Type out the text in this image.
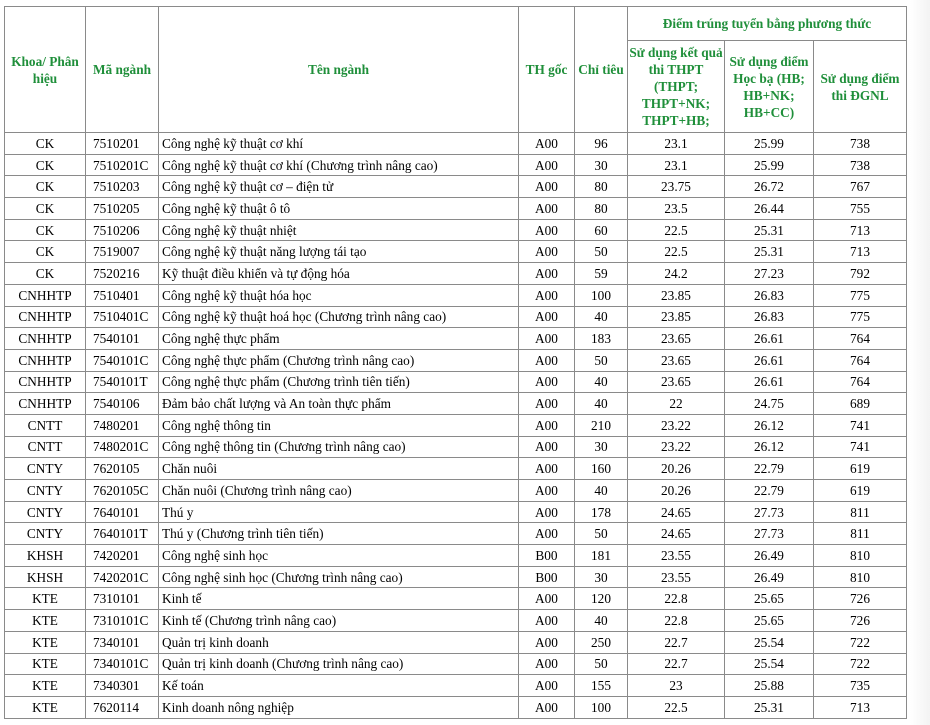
Khoa/ Phân hiệu	Mã ngành	Tên ngành	TH gốc	Chỉ tiêu	Điểm trúng tuyển bằng phương thức		
					Sử dụng kết quả thi THPT (THPT; THPT+NK; THPT+HB;	Sử dụng điểm Học bạ (HB; HB+NK; HB+CC)	Sử dụng điểm thi ĐGNL
CK	7510201	Công nghệ kỹ thuật cơ khí	A00	96	23.1	25.99	738
CK	7510201C	Công nghệ kỹ thuật cơ khí (Chương trình nâng cao)	A00	30	23.1	25.99	738
CK	7510203	Công nghệ kỹ thuật cơ – điện tử	A00	80	23.75	26.72	767
CK	7510205	Công nghệ kỹ thuật ô tô	A00	80	23.5	26.44	755
CK	7510206	Công nghệ kỹ thuật nhiệt	A00	60	22.5	25.31	713
CK	7519007	Công nghệ kỹ thuật năng lượng tái tạo	A00	50	22.5	25.31	713
CK	7520216	Kỹ thuật điều khiển và tự động hóa	A00	59	24.2	27.23	792
CNHHTP	7510401	Công nghệ kỹ thuật hóa học	A00	100	23.85	26.83	775
CNHHTP	7510401C	Công nghệ kỹ thuật hoá học (Chương trình nâng cao)	A00	40	23.85	26.83	775
CNHHTP	7540101	Công nghệ thực phẩm	A00	183	23.65	26.61	764
CNHHTP	7540101C	Công nghệ thực phẩm (Chương trình nâng cao)	A00	50	23.65	26.61	764
CNHHTP	7540101T	Công nghệ thực phẩm (Chương trình tiên tiến)	A00	40	23.65	26.61	764
CNHHTP	7540106	Đảm bảo chất lượng và An toàn thực phẩm	A00	40	22	24.75	689
CNTT	7480201	Công nghệ thông tin	A00	210	23.22	26.12	741
CNTT	7480201C	Công nghệ thông tin (Chương trình nâng cao)	A00	30	23.22	26.12	741
CNTY	7620105	Chăn nuôi	A00	160	20.26	22.79	619
CNTY	7620105C	Chăn nuôi (Chương trình nâng cao)	A00	40	20.26	22.79	619
CNTY	7640101	Thú y	A00	178	24.65	27.73	811
CNTY	7640101T	Thú y (Chương trình tiên tiến)	A00	50	24.65	27.73	811
KHSH	7420201	Công nghệ sinh học	B00	181	23.55	26.49	810
KHSH	7420201C	Công nghệ sinh học (Chương trình nâng cao)	B00	30	23.55	26.49	810
KTE	7310101	Kinh tế	A00	120	22.8	25.65	726
KTE	7310101C	Kinh tế (Chương trình nâng cao)	A00	40	22.8	25.65	726
KTE	7340101	Quản trị kinh doanh	A00	250	22.7	25.54	722
KTE	7340101C	Quản trị kinh doanh (Chương trình nâng cao)	A00	50	22.7	25.54	722
KTE	7340301	Kế toán	A00	155	23	25.88	735
KTE	7620114	Kinh doanh nông nghiệp	A00	100	22.5	25.31	713
